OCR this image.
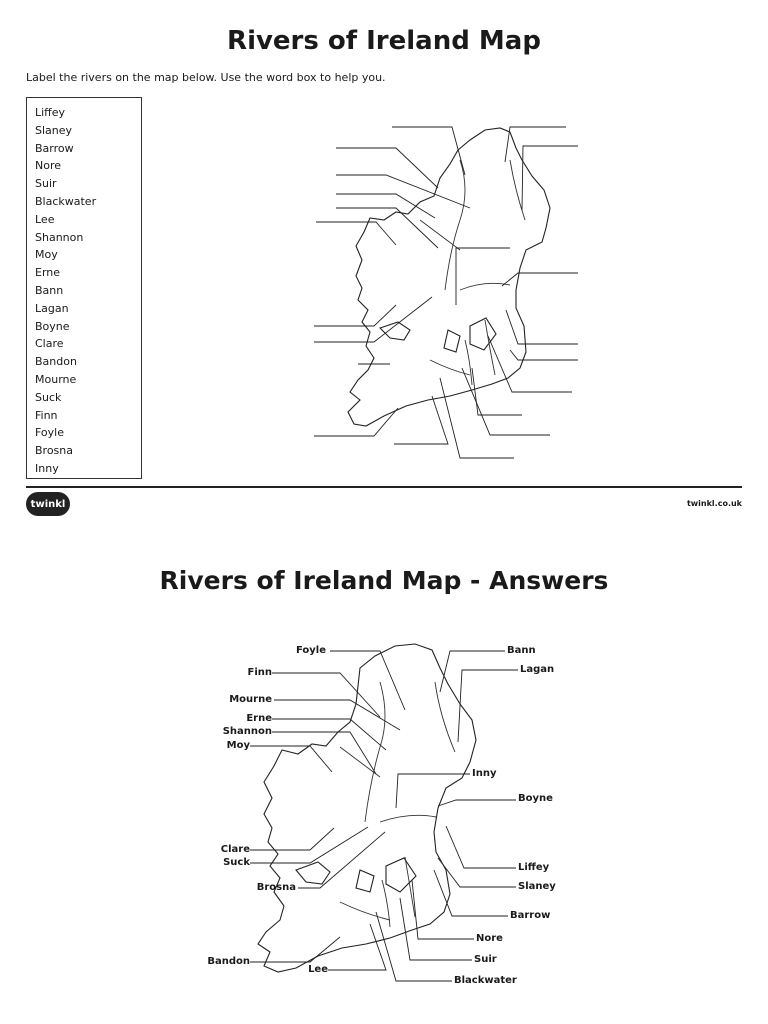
Rivers of Ireland Map
Label the rivers on the map below. Use the word box to help you.
Liffey
Slaney
Barrow
Nore
Suir
Blackwater
Lee
Shannon
Moy
Erne
Bann
Lagan
Boyne
Clare
Bandon
Mourne
Suck
Finn
Foyle
Brosna
Inny
twinkl	twinkl.co.uk
Rivers of Ireland Map - Answers
Foyle
Finn
Mourne
Erne
Shannon
Moy
Clare
Suck
Brosna
Bandon
Lee
Bann
Lagan
Inny
Boyne
Liffey
Slaney
Barrow
Nore
Suir
Blackwater
